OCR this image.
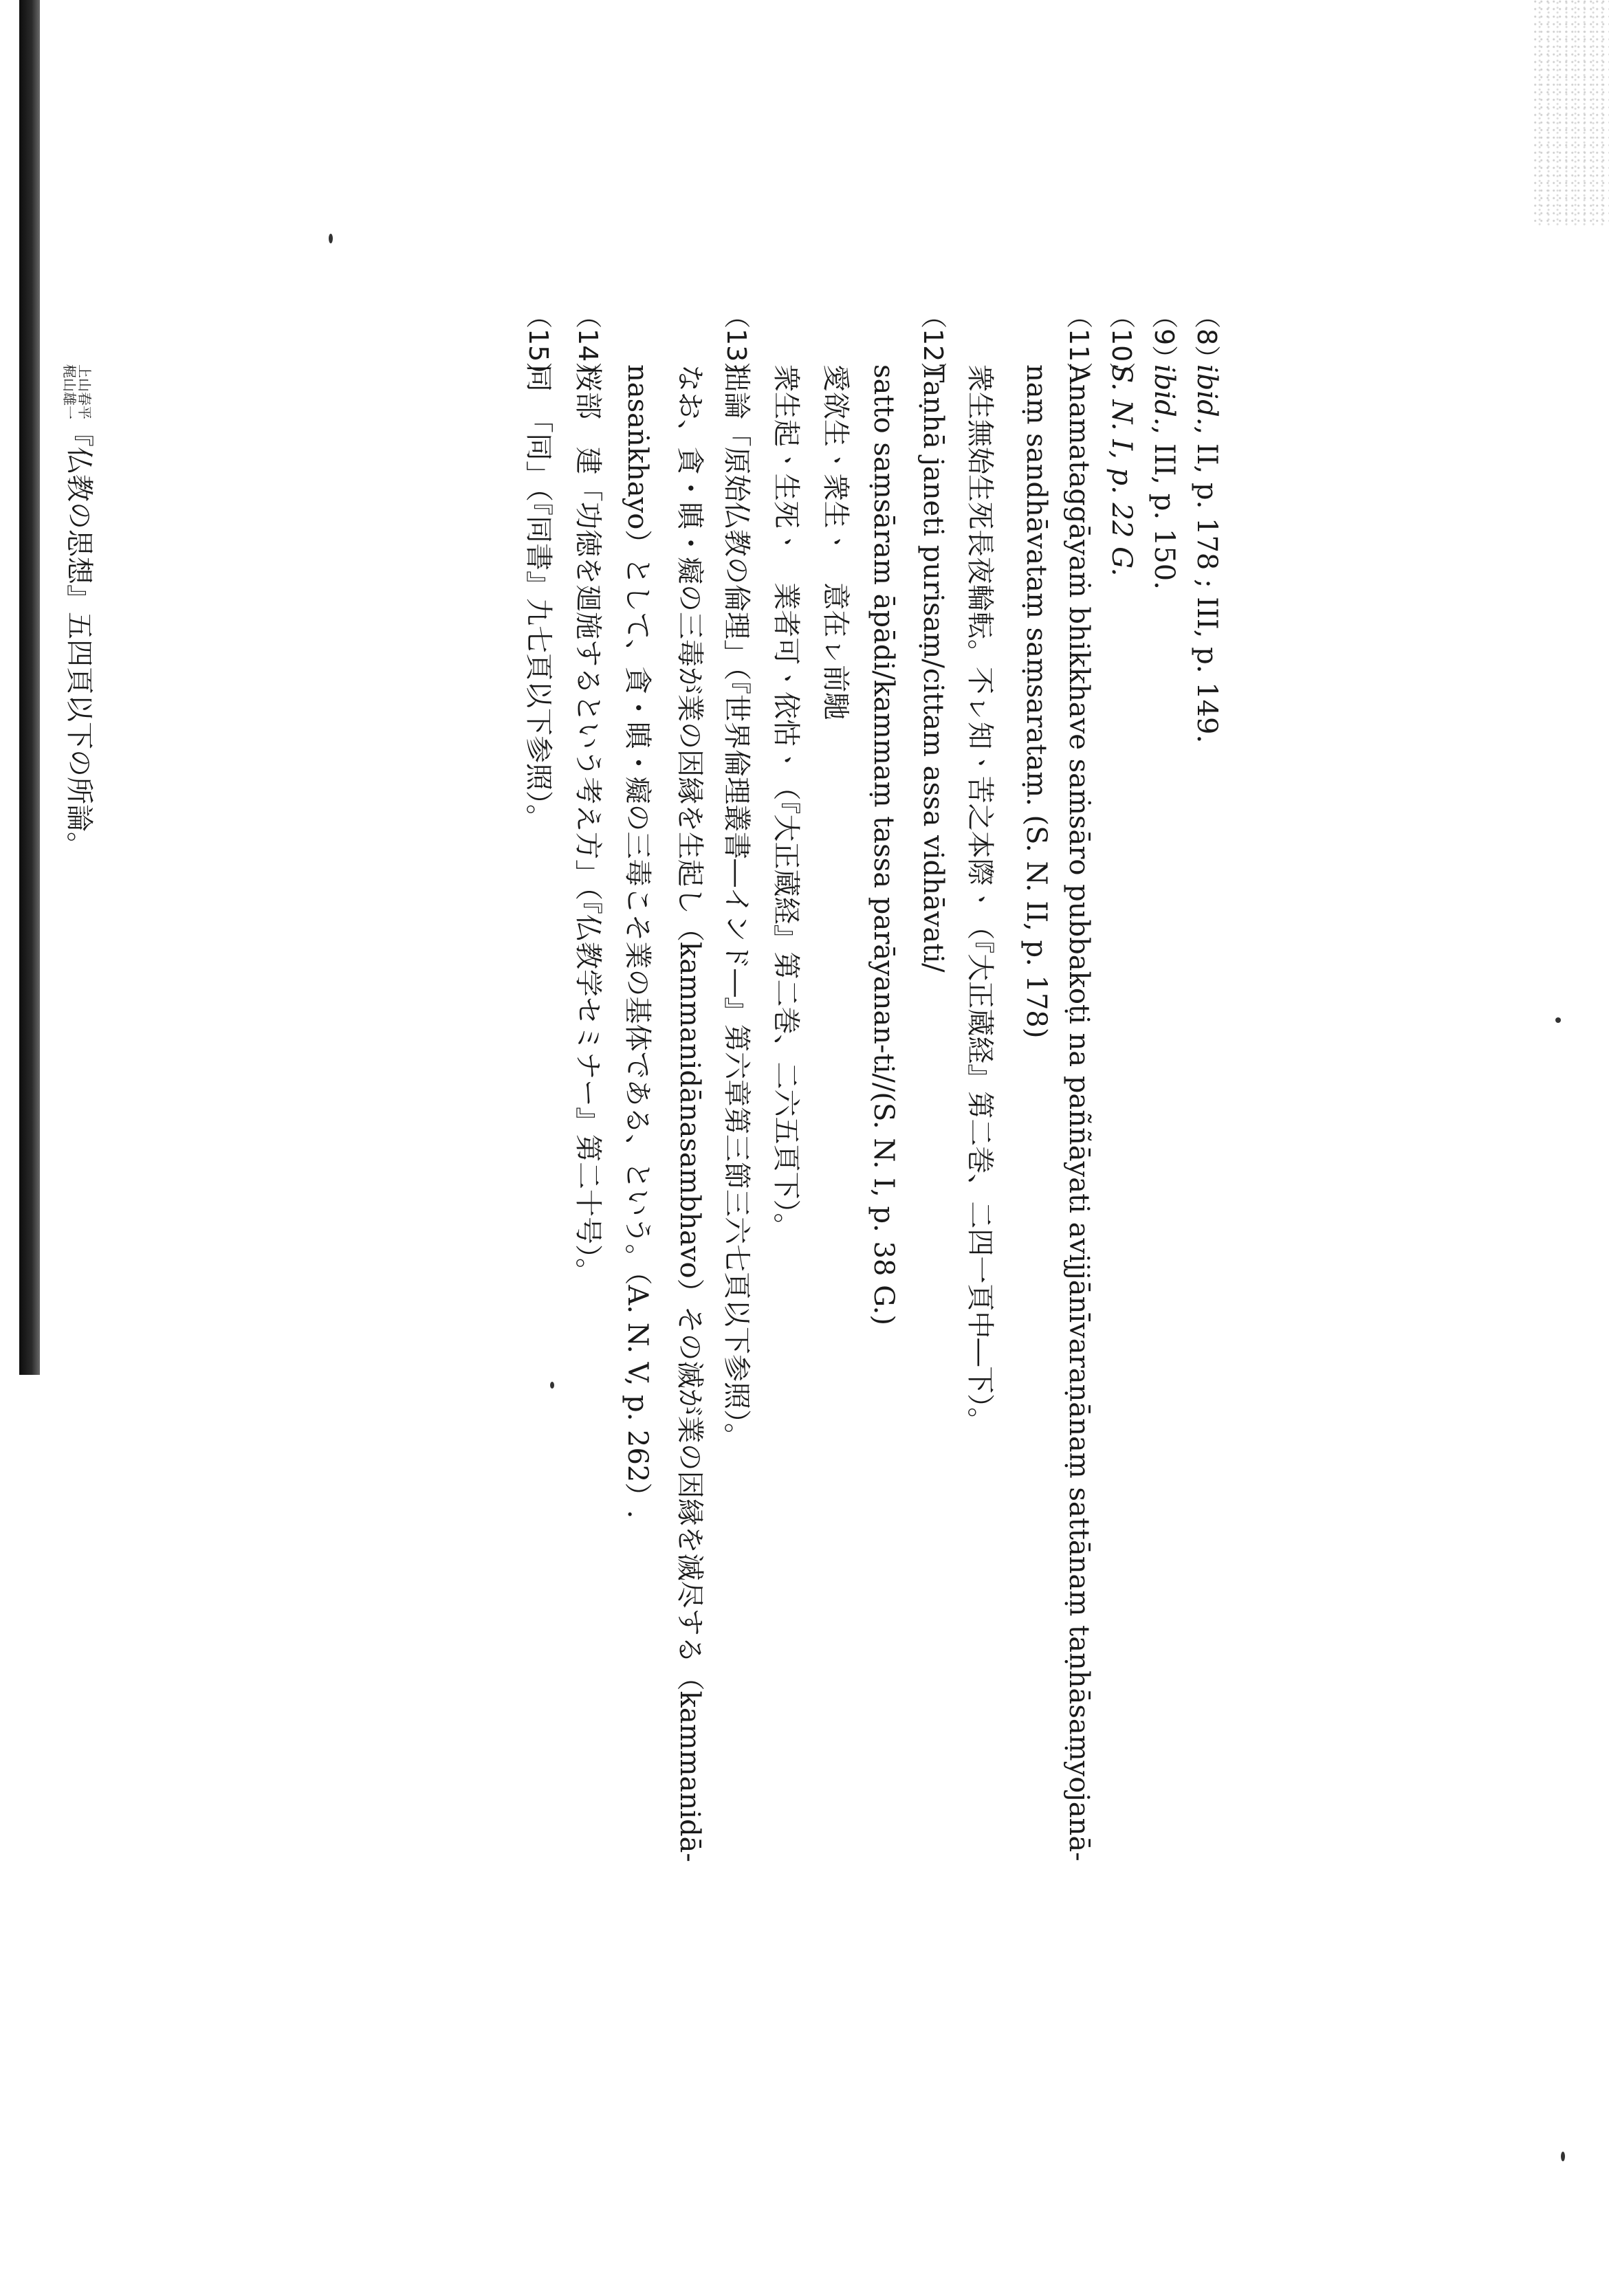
（8）ibid., II, p. 178 ; III, p. 149.
（9）ibid., III, p. 150.
（10）S. N. I, p. 22 G.
（11）Anamataggāyaṁ bhikkhave saṁsāro pubbakoṭi na paññāyati avijjānīvaraṇānaṃ sattānaṃ taṇhāsaṃyojanā-
naṃ sandhāvataṃ saṃsarataṃ. (S. N. II, p. 178)
衆生無始生死長夜輪転。不ㇾ知ㆍ苦之本際ㆍ（『大正蔵経』第二巻、二四一頁中―下）。
（12）Taṇhā janeti purisaṃ/cittam assa vidhāvati/
satto saṃsāram āpādi/kammaṃ tassa parāyanan-ti//(S. N. I, p. 38 G.)
愛欲生ㆍ衆生ㆍ　意在ㇾ前馳
衆生起ㆍ生死ㆍ　業者可ㆍ依怙ㆍ（『大正蔵経』第二巻、二六五頁下）。
（13）拙論「原始仏教の倫理」（『世界倫理叢書―インド―』第六章第三節三六七頁以下参照）。
なお、貪・瞋・癡の三毒が業の因縁を生起し（kammanidānasambhavo）その滅が業の因縁を滅尽する（kammanidā-
nasaṅkhayo）として、貪・瞋・癡の三毒こそ業の基体である、という。（A. N. V, p. 262）.
（14）桜部　建「功徳を廻施するという考え方」（『仏教学セミナー』第二十号）。
（15）同　「同」（『同書』九七頁以下参照）。
上山春平
梶山雄一『仏教の思想』五四頁以下の所論。
